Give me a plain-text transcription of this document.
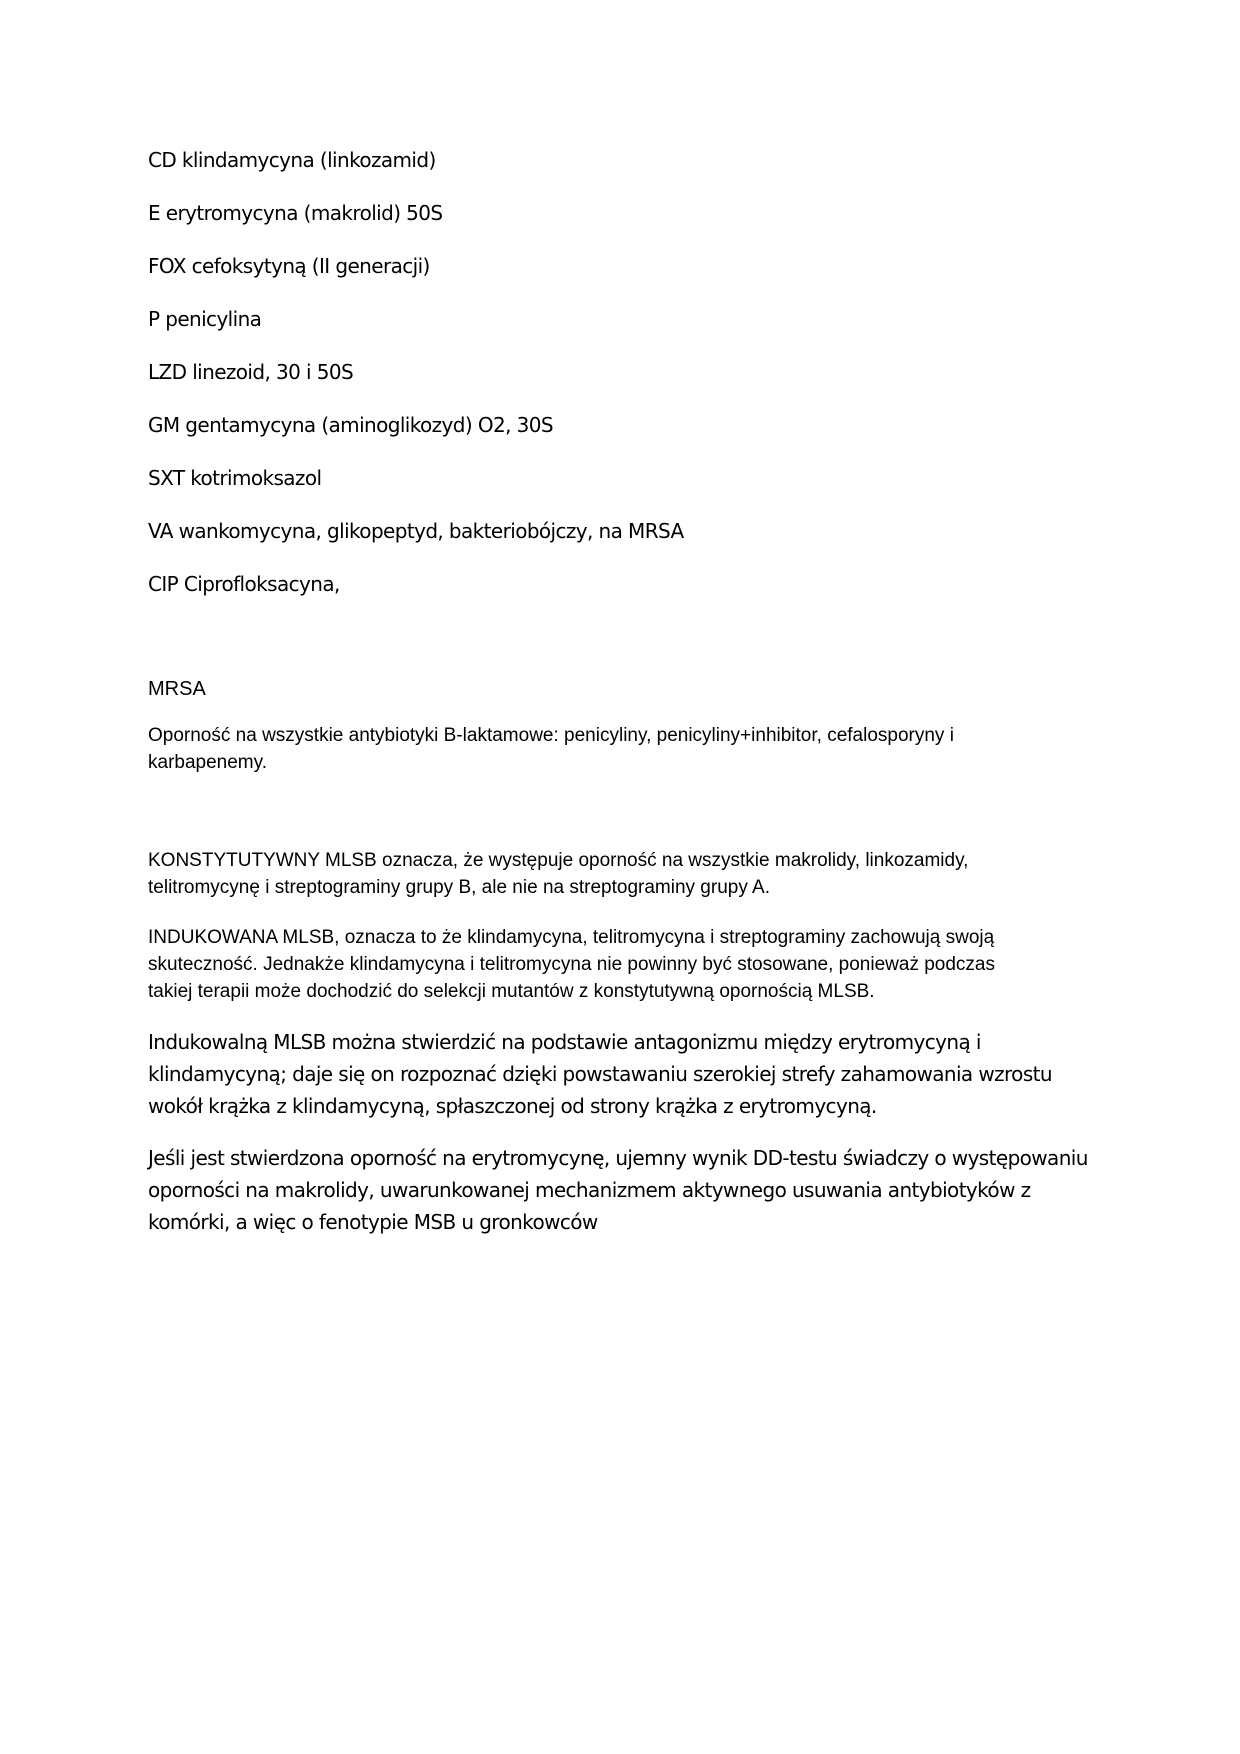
CD klindamycyna (linkozamid)
E erytromycyna (makrolid) 50S
FOX cefoksytyną (II generacji)
P penicylina
LZD linezoid, 30 i 50S
GM gentamycyna (aminoglikozyd) O2, 30S
SXT kotrimoksazol
VA wankomycyna, glikopeptyd, bakteriobójczy, na MRSA
CIP Ciprofloksacyna,
MRSA

Oporność na wszystkie antybiotyki B-laktamowe: penicyliny, penicyliny+inhibitor, cefalosporyny i

karbapenemy.

KONSTYTUTYWNY MLSB oznacza, że występuje oporność na wszystkie makrolidy, linkozamidy,

telitromycynę i streptograminy grupy B, ale nie na streptograminy grupy A.

INDUKOWANA MLSB, oznacza to że klindamycyna, telitromycyna i streptograminy zachowują swoją

skuteczność. Jednakże klindamycyna i telitromycyna nie powinny być stosowane, ponieważ podczas

takiej terapii może dochodzić do selekcji mutantów z konstytutywną opornością MLSB.

Indukowalną MLSB można stwierdzić na podstawie antagonizmu między erytromycyną i

klindamycyną; daje się on rozpoznać dzięki powstawaniu szerokiej strefy zahamowania wzrostu

wokół krążka z klindamycyną, spłaszczonej od strony krążka z erytromycyną.

Jeśli jest stwierdzona oporność na erytromycynę, ujemny wynik DD-testu świadczy o występowaniu

oporności na makrolidy, uwarunkowanej mechanizmem aktywnego usuwania antybiotyków z

komórki, a więc o fenotypie MSB u gronkowców
